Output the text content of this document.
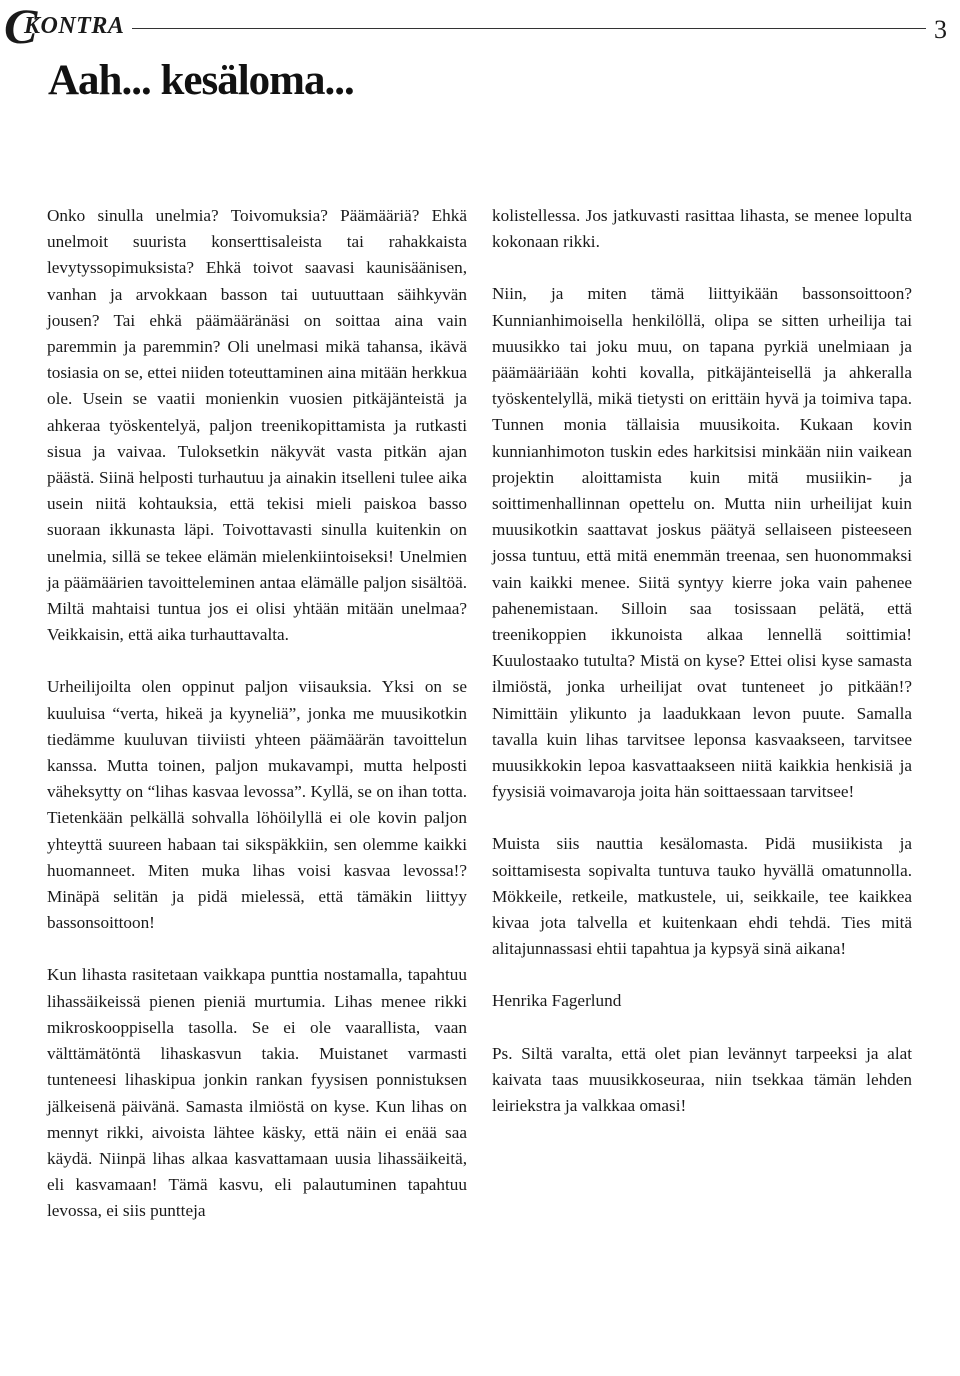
C
KONTRA	3
Aah... kesäloma...

Onko sinulla unelmia? Toivomuksia? Päämääriä? Ehkä unelmoit suurista konserttisaleista tai rahakkaista levytyssopimuksista? Ehkä toivot saavasi kaunisäänisen, vanhan ja arvokkaan basson tai uutuuttaan säihkyvän jousen? Tai ehkä päämääränäsi on soittaa aina vain paremmin ja paremmin? Oli unelmasi mikä tahansa, ikävä tosiasia on se, ettei niiden toteuttaminen aina mitään herkkua ole. Usein se vaatii monienkin vuosien pitkäjänteistä ja ahkeraa työskentelyä, paljon treenikopittamista ja rutkasti sisua ja vaivaa. Tuloksetkin näkyvät vasta pitkän ajan päästä. Siinä helposti turhautuu ja ainakin itselleni tulee aika usein niitä kohtauksia, että tekisi mieli paiskoa basso suoraan ikkunasta läpi. Toivottavasti sinulla kuitenkin on unelmia, sillä se tekee elämän mielenkiintoiseksi! Unelmien ja päämäärien tavoitteleminen antaa elämälle paljon sisältöä. Miltä mahtaisi tuntua jos ei olisi yhtään mitään unelmaa? Veikkaisin, että aika turhauttavalta.

Urheilijoilta olen oppinut paljon viisauksia. Yksi on se kuuluisa “verta, hikeä ja kyyneliä”, jonka me muusikotkin tiedämme kuuluvan tiiviisti yhteen päämäärän tavoittelun kanssa. Mutta toinen, paljon mukavampi, mutta helposti väheksytty on “lihas kasvaa levossa”. Kyllä, se on ihan totta. Tietenkään pelkällä sohvalla löhöilyllä ei ole kovin paljon yhteyttä suureen habaan tai sikspäkkiin, sen olemme kaikki huomanneet. Miten muka lihas voisi kasvaa levossa!? Minäpä selitän ja pidä mielessä, että tämäkin liittyy bassonsoittoon!

Kun lihasta rasitetaan vaikkapa punttia nostamalla, tapahtuu lihassäikeissä pienen pieniä murtumia. Lihas menee rikki mikroskooppisella tasolla. Se ei ole vaarallista, vaan välttämätöntä lihaskasvun takia. Muistanet varmasti tunteneesi lihaskipua jonkin rankan fyysisen ponnistuksen jälkeisenä päivänä. Samasta ilmiöstä on kyse. Kun lihas on mennyt rikki, aivoista lähtee käsky, että näin ei enää saa käydä. Niinpä lihas alkaa kasvattamaan uusia lihassäikeitä, eli kasvamaan! Tämä kasvu, eli palautuminen tapahtuu levossa, ei siis puntteja

kolistellessa. Jos jatkuvasti rasittaa lihasta, se menee lopulta kokonaan rikki.

Niin, ja miten tämä liittyikään bassonsoittoon? Kunnianhimoisella henkilöllä, olipa se sitten urheilija tai muusikko tai joku muu, on tapana pyrkiä unelmiaan ja päämääriään kohti kovalla, pitkäjänteisellä ja ahkeralla työskentelyllä, mikä tietysti on erittäin hyvä ja toimiva tapa. Tunnen monia tällaisia muusikoita. Kukaan kovin kunnianhimoton tuskin edes harkitsisi minkään niin vaikean projektin aloittamista kuin mitä musiikin- ja soittimenhallinnan opettelu on. Mutta niin urheilijat kuin muusikotkin saattavat joskus päätyä sellaiseen pisteeseen jossa tuntuu, että mitä enemmän treenaa, sen huonommaksi vain kaikki menee. Siitä syntyy kierre joka vain pahenee pahenemistaan. Silloin saa tosissaan pelätä, että treenikoppien ikkunoista alkaa lennellä soittimia! Kuulostaako tutulta? Mistä on kyse? Ettei olisi kyse samasta ilmiöstä, jonka urheilijat ovat tunteneet jo pitkään!? Nimittäin ylikunto ja laadukkaan levon puute. Samalla tavalla kuin lihas tarvitsee leponsa kasvaakseen, tarvitsee muusikkokin lepoa kasvattaakseen niitä kaikkia henkisiä ja fyysisiä voimavaroja joita hän soittaessaan tarvitsee!

Muista siis nauttia kesälomasta. Pidä musiikista ja soittamisesta sopivalta tuntuva tauko hyvällä omatunnolla. Mökkeile, retkeile, matkustele, ui, seikkaile, tee kaikkea kivaa jota talvella et kuitenkaan ehdi tehdä. Ties mitä alitajunnassasi ehtii tapahtua ja kypsyä sinä aikana!

Henrika Fagerlund

Ps. Siltä varalta, että olet pian levännyt tarpeeksi ja alat kaivata taas muusikkoseuraa, niin tsekkaa tämän lehden leiriekstra ja valkkaa omasi!
